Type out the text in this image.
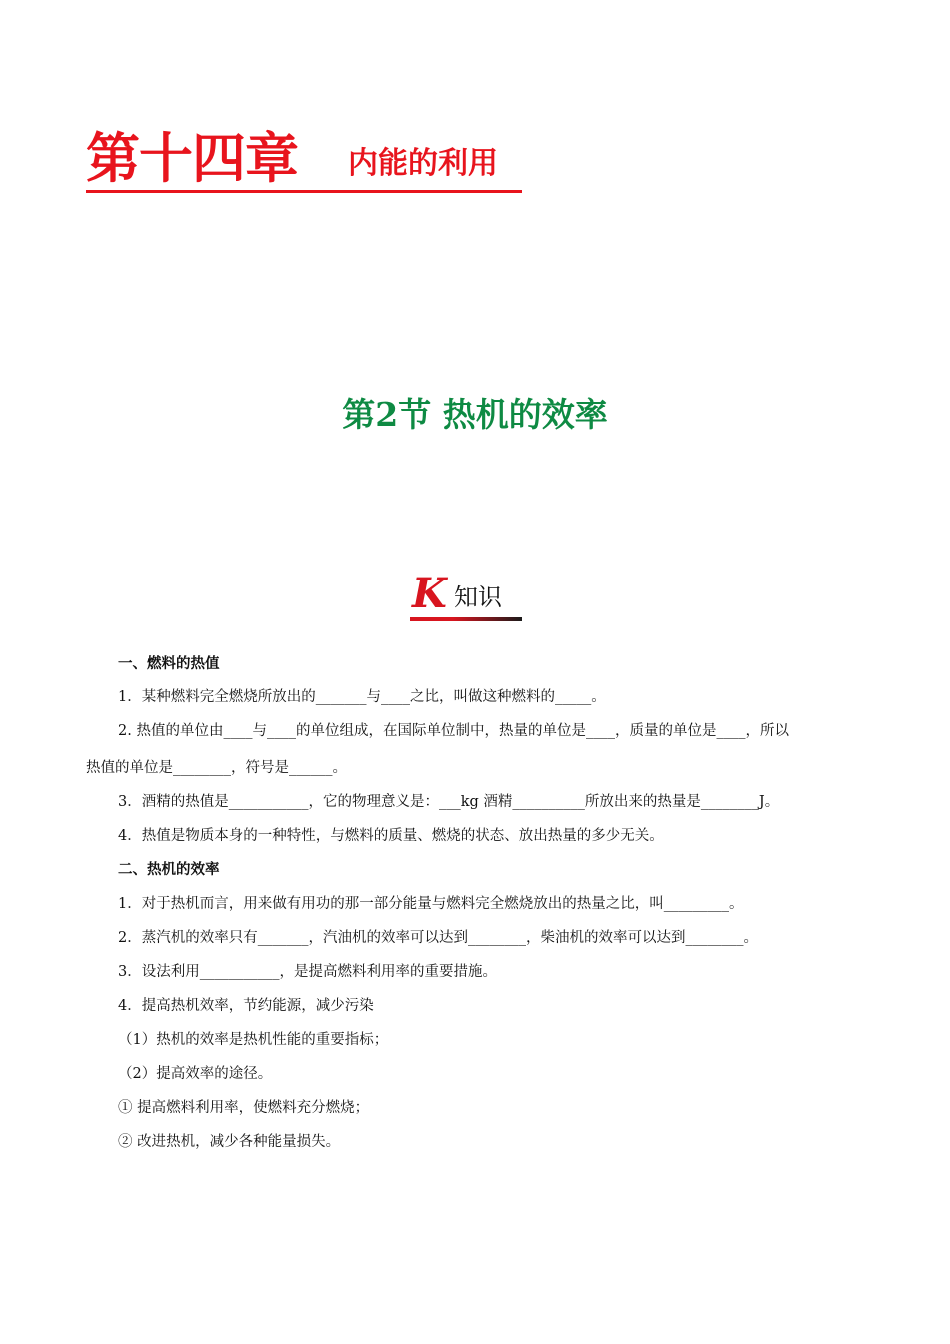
第十四章 内能的利用
第2节 热机的效率
K 知识
一、燃料的热值
1．某种燃料完全燃烧所放出的_______与____之比，叫做这种燃料的_____。
2. 热值的单位由____与____的单位组成，在国际单位制中，热量的单位是____，质量的单位是____，所以
热值的单位是________，符号是______。
3．酒精的热值是___________，它的物理意义是：___kg 酒精__________所放出来的热量是________J。
4．热值是物质本身的一种特性，与燃料的质量、燃烧的状态、放出热量的多少无关。
二、热机的效率
1．对于热机而言，用来做有用功的那一部分能量与燃料完全燃烧放出的热量之比，叫_________。
2．蒸汽机的效率只有_______，汽油机的效率可以达到________，柴油机的效率可以达到________。
3．设法利用___________，是提高燃料利用率的重要措施。
4．提高热机效率，节约能源，减少污染
（1）热机的效率是热机性能的重要指标；
（2）提高效率的途径。
① 提高燃料利用率，使燃料充分燃烧；
② 改进热机，减少各种能量损失。
